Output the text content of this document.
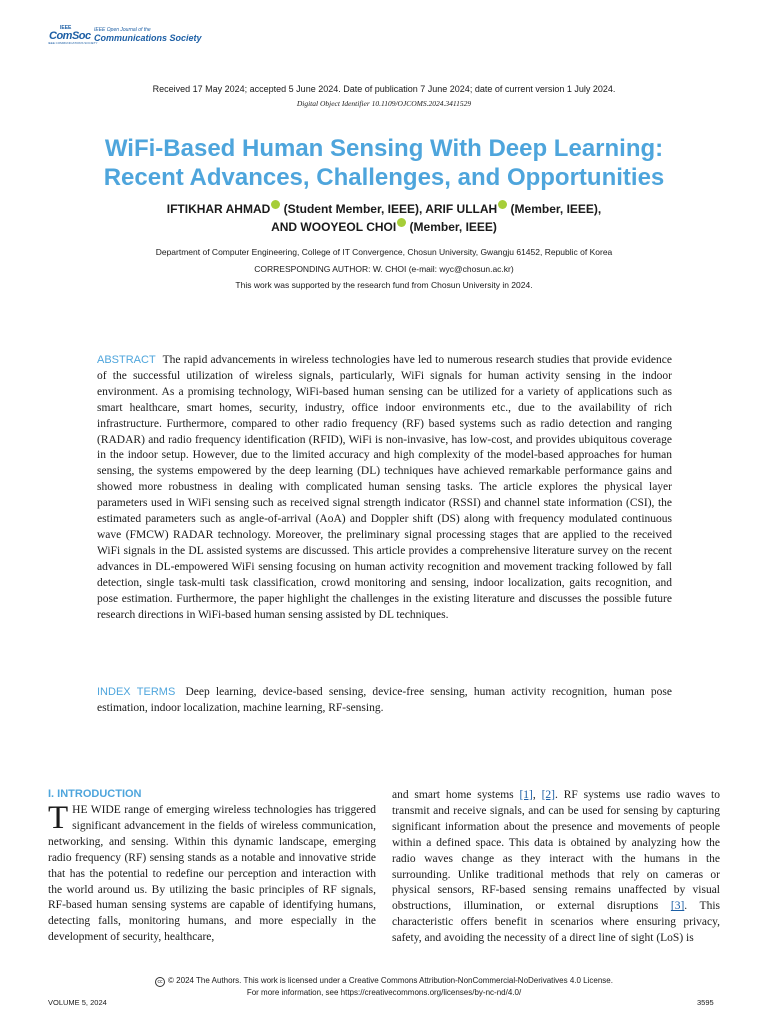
IEEE
ComSoc
IEEE COMMUNICATIONS SOCIETY
IEEE Open Journal of the
Communications Society
Received 17 May 2024; accepted 5 June 2024. Date of publication 7 June 2024; date of current version 1 July 2024.
Digital Object Identifier 10.1109/OJCOMS.2024.3411529
WiFi-Based Human Sensing With Deep Learning:
Recent Advances, Challenges, and Opportunities
IFTIKHAR AHMAD (Student Member, IEEE), ARIF ULLAH (Member, IEEE),
AND WOOYEOL CHOI (Member, IEEE)
Department of Computer Engineering, College of IT Convergence, Chosun University, Gwangju 61452, Republic of Korea
CORRESPONDING AUTHOR: W. CHOI (e-mail: wyc@chosun.ac.kr)
This work was supported by the research fund from Chosun University in 2024.
ABSTRACT The rapid advancements in wireless technologies have led to numerous research studies that provide evidence of the successful utilization of wireless signals, particularly, WiFi signals for human activity sensing in the indoor environment. As a promising technology, WiFi-based human sensing can be utilized for a variety of applications such as smart healthcare, smart homes, security, industry, office indoor environments etc., due to the availability of rich infrastructure. Furthermore, compared to other radio frequency (RF) based systems such as radio detection and ranging (RADAR) and radio frequency identification (RFID), WiFi is non-invasive, has low-cost, and provides ubiquitous coverage in the indoor setup. However, due to the limited accuracy and high complexity of the model-based approaches for human sensing, the systems empowered by the deep learning (DL) techniques have achieved remarkable performance gains and showed more robustness in dealing with complicated human sensing tasks. The article explores the physical layer parameters used in WiFi sensing such as received signal strength indicator (RSSI) and channel state information (CSI), the estimated parameters such as angle-of-arrival (AoA) and Doppler shift (DS) along with frequency modulated continuous wave (FMCW) RADAR technology. Moreover, the preliminary signal processing stages that are applied to the received WiFi signals in the DL assisted systems are discussed. This article provides a comprehensive literature survey on the recent advances in DL-empowered WiFi sensing focusing on human activity recognition and movement tracking followed by fall detection, single task-multi task classification, crowd monitoring and sensing, indoor localization, gaits recognition, and pose estimation. Furthermore, the paper highlight the challenges in the existing literature and discusses the possible future research directions in WiFi-based human sensing assisted by DL techniques.
INDEX TERMS Deep learning, device-based sensing, device-free sensing, human activity recognition, human pose estimation, indoor localization, machine learning, RF-sensing.
I. INTRODUCTION
THE WIDE range of emerging wireless technologies has triggered significant advancement in the fields of wireless communication, networking, and sensing. Within this dynamic landscape, emerging radio frequency (RF) sensing stands as a notable and innovative stride that has the potential to redefine our perception and interaction with the world around us. By utilizing the basic principles of RF signals, RF-based human sensing systems are capable of identifying humans, detecting falls, monitoring humans, and more especially in the development of security, healthcare,
and smart home systems [1], [2]. RF systems use radio waves to transmit and receive signals, and can be used for sensing by capturing significant information about the presence and movements of people within a defined space. This data is obtained by analyzing how the radio waves change as they interact with the humans in the surrounding. Unlike traditional methods that rely on cameras or physical sensors, RF-based sensing remains unaffected by visual obstructions, illumination, or external disruptions [3]. This characteristic offers benefit in scenarios where ensuring privacy, safety, and avoiding the necessity of a direct line of sight (LoS) is
cc © 2024 The Authors. This work is licensed under a Creative Commons Attribution-NonCommercial-NoDerivatives 4.0 License.
For more information, see https://creativecommons.org/licenses/by-nc-nd/4.0/
VOLUME 5, 2024	3595
